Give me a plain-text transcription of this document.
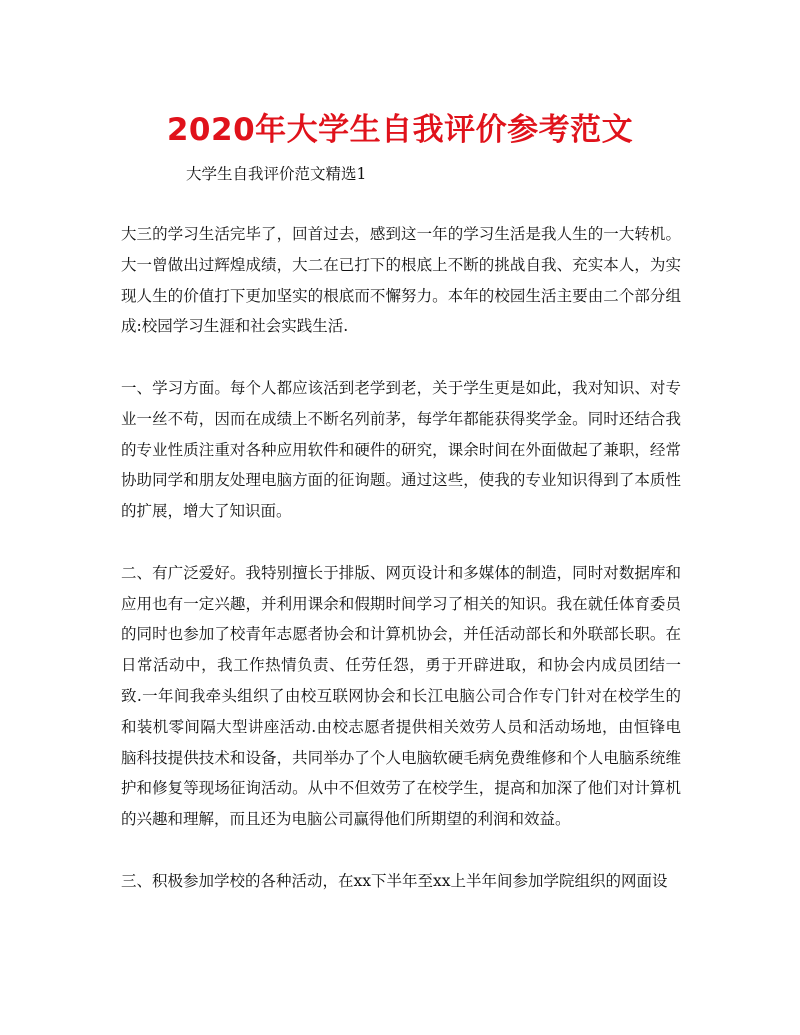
2020年大学生自我评价参考范文

大学生自我评价范文精选1

大三的学习生活完毕了，回首过去，感到这一年的学习生活是我人生的一大转机。大一曾做出过辉煌成绩，大二在已打下的根底上不断的挑战自我、充实本人，为实现人生的价值打下更加坚实的根底而不懈努力。本年的校园生活主要由二个部分组成:校园学习生涯和社会实践生活.

一、学习方面。每个人都应该活到老学到老，关于学生更是如此，我对知识、对专业一丝不苟，因而在成绩上不断名列前茅，每学年都能获得奖学金。同时还结合我的专业性质注重对各种应用软件和硬件的研究，课余时间在外面做起了兼职，经常协助同学和朋友处理电脑方面的征询题。通过这些，使我的专业知识得到了本质性的扩展，增大了知识面。

二、有广泛爱好。我特别擅长于排版、网页设计和多媒体的制造，同时对数据库和应用也有一定兴趣，并利用课余和假期时间学习了相关的知识。我在就任体育委员的同时也参加了校青年志愿者协会和计算机协会，并任活动部长和外联部长职。在日常活动中，我工作热情负责、任劳任怨，勇于开辟进取，和协会内成员团结一致.一年间我牵头组织了由校互联网协会和长江电脑公司合作专门针对在校学生的和装机零间隔大型讲座活动.由校志愿者提供相关效劳人员和活动场地，由恒锋电脑科技提供技术和设备，共同举办了个人电脑软硬毛病免费维修和个人电脑系统维护和修复等现场征询活动。从中不但效劳了在校学生，提高和加深了他们对计算机的兴趣和理解，而且还为电脑公司赢得他们所期望的利润和效益。

三、积极参加学校的各种活动，在xx下半年至xx上半年间参加学院组织的网面设
